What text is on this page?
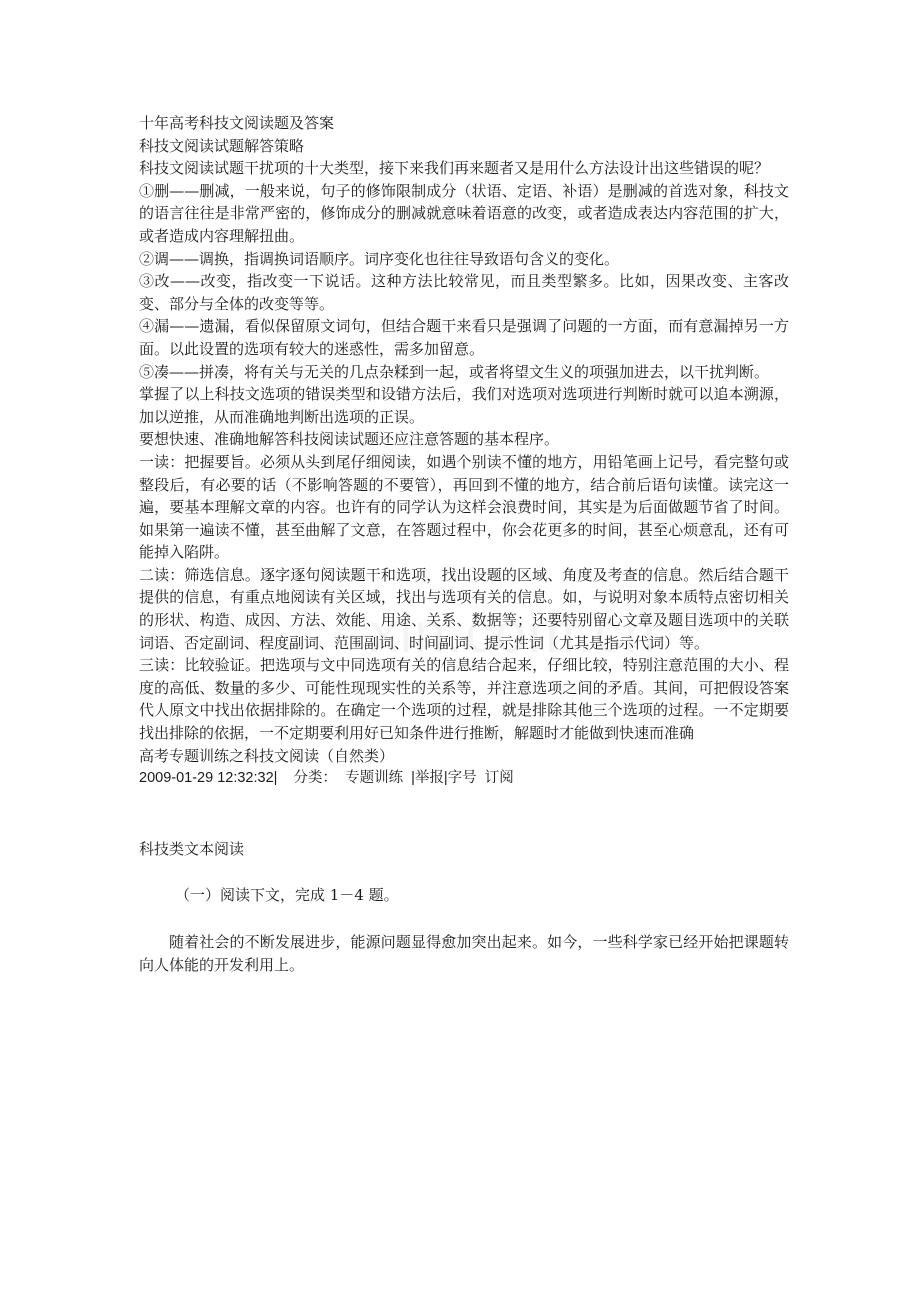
十年高考科技文阅读题及答案

科技文阅读试题解答策略

科技文阅读试题干扰项的十大类型，接下来我们再来题者又是用什么方法设计出这些错误的呢？

①删——删减，一般来说，句子的修饰限制成分（状语、定语、补语）是删减的首选对象，科技文的语言往往是非常严密的，修饰成分的删减就意味着语意的改变，或者造成表达内容范围的扩大，或者造成内容理解扭曲。

②调——调换，指调换词语顺序。词序变化也往往导致语句含义的变化。

③改——改变，指改变一下说话。这种方法比较常见，而且类型繁多。比如，因果改变、主客改变、部分与全体的改变等等。

④漏——遗漏，看似保留原文词句，但结合题干来看只是强调了问题的一方面，而有意漏掉另一方面。以此设置的选项有较大的迷惑性，需多加留意。

⑤凑——拼凑，将有关与无关的几点杂糅到一起，或者将望文生义的项强加进去，以干扰判断。

掌握了以上科技文选项的错误类型和设错方法后，我们对选项对选项进行判断时就可以追本溯源，加以逆推，从而准确地判断出选项的正误。

要想快速、准确地解答科技阅读试题还应注意答题的基本程序。

一读：把握要旨。必须从头到尾仔细阅读，如遇个别读不懂的地方，用铅笔画上记号，看完整句或整段后，有必要的话（不影响答题的不要管），再回到不懂的地方，结合前后语句读懂。读完这一遍，要基本理解文章的内容。也许有的同学认为这样会浪费时间，其实是为后面做题节省了时间。如果第一遍读不懂，甚至曲解了文意，在答题过程中，你会花更多的时间，甚至心烦意乱，还有可能掉入陷阱。

二读：筛选信息。逐字逐句阅读题干和选项，找出设题的区域、角度及考查的信息。然后结合题干提供的信息，有重点地阅读有关区域，找出与选项有关的信息。如，与说明对象本质特点密切相关的形状、构造、成因、方法、效能、用途、关系、数据等；还要特别留心文章及题目选项中的关联词语、否定副词、程度副词、范围副词、时间副词、提示性词（尤其是指示代词）等。

三读：比较验证。把选项与文中同选项有关的信息结合起来，仔细比较，特别注意范围的大小、程度的高低、数量的多少、可能性现现实性的关系等，并注意选项之间的矛盾。其间，可把假设答案代人原文中找出依据排除的。在确定一个选项的过程，就是排除其他三个选项的过程。一不定期要找出排除的依据，一不定期要利用好已知条件进行推断，解题时才能做到快速而准确

高考专题训练之科技文阅读（自然类）

2009-01-29 12:32:32|    分类：  专题训练  |举报|字号  订阅

科技类文本阅读

（一）阅读下文，完成 1－4 题。

随着社会的不断发展进步，能源问题显得愈加突出起来。如今，一些科学家已经开始把课题转向人体能的开发利用上。
